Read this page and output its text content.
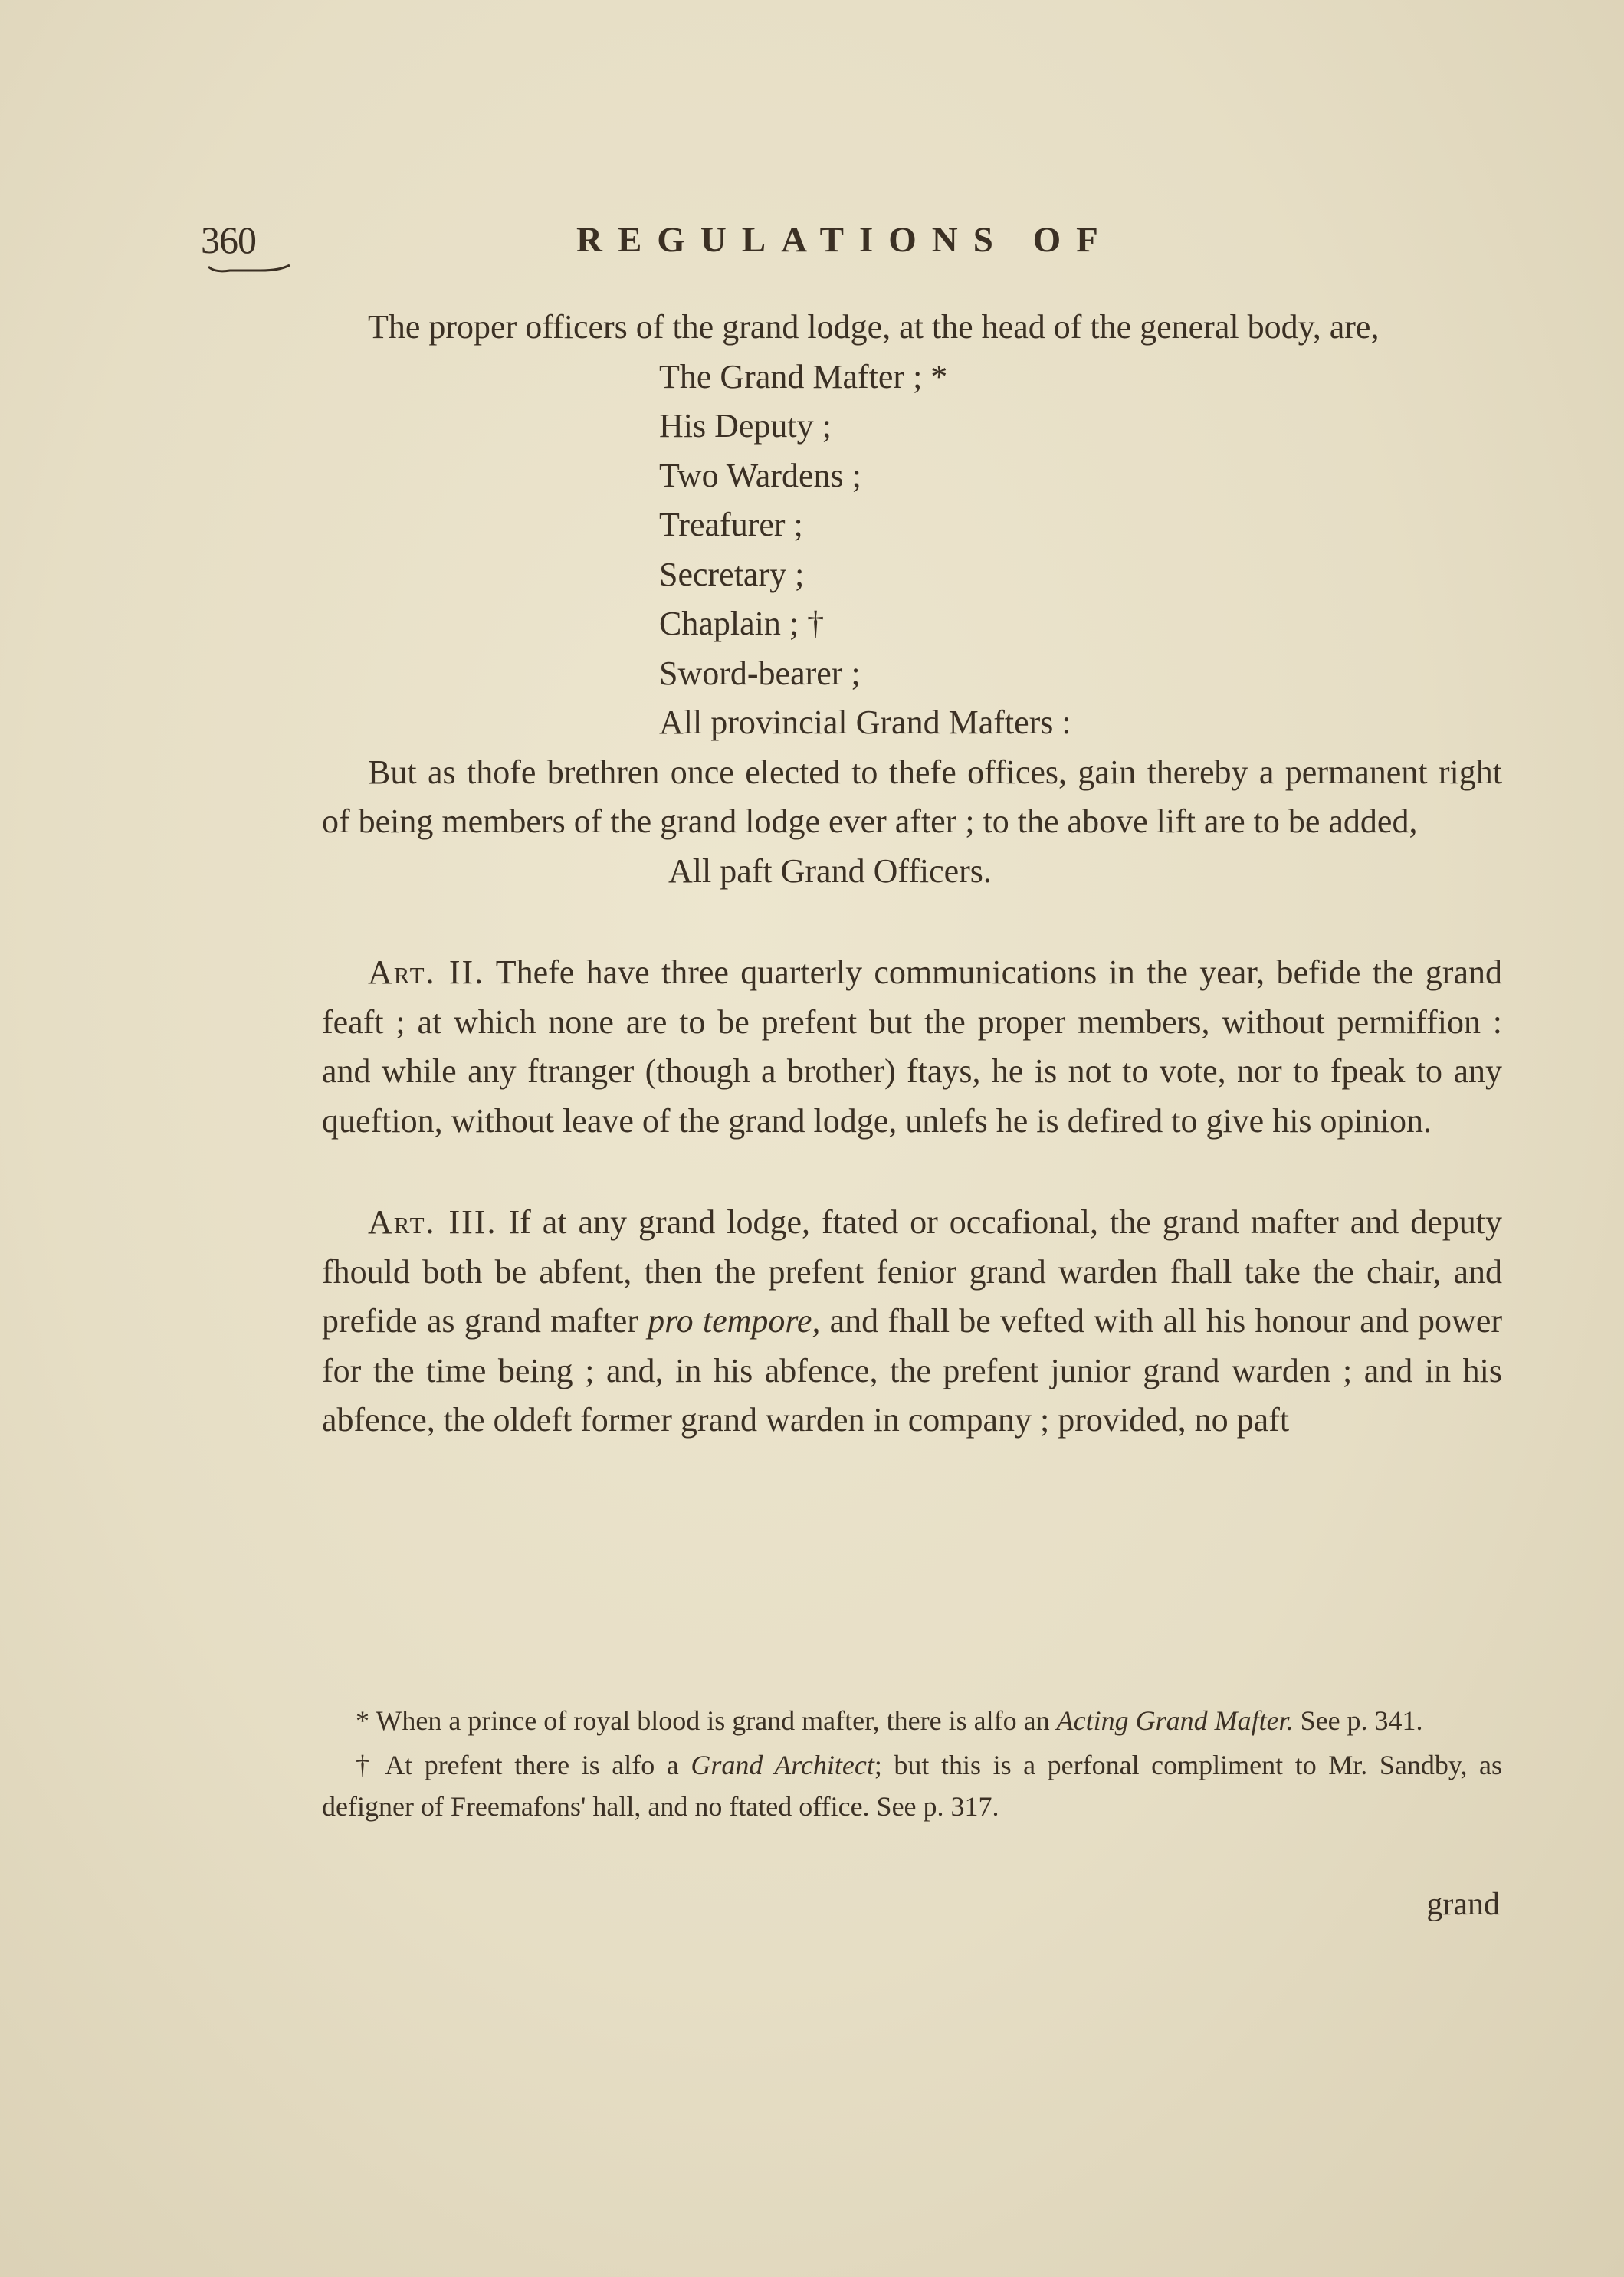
360	REGULATIONS OF

The proper officers of the grand lodge, at the head of the general body, are,

The Grand Mafter ; *
His Deputy ;
Two Wardens ;
Treafurer ;
Secretary ;
Chaplain ; †
Sword-bearer ;
All provincial Grand Mafters :

But as thofe brethren once elected to thefe offices, gain thereby a permanent right of being members of the grand lodge ever after ; to the above lift are to be added,

All paft Grand Officers.

Art. II. Thefe have three quarterly communications in the year, befide the grand feaft ; at which none are to be prefent but the proper members, without permiffion : and while any ftranger (though a brother) ftays, he is not to vote, nor to fpeak to any queftion, without leave of the grand lodge, unlefs he is defired to give his opinion.

Art. III. If at any grand lodge, ftated or occafional, the grand mafter and deputy fhould both be abfent, then the prefent fenior grand warden fhall take the chair, and prefide as grand mafter pro tempore, and fhall be vefted with all his honour and power for the time being ; and, in his abfence, the prefent junior grand warden ; and in his abfence, the oldeft former grand warden in company ; provided, no paft

* When a prince of royal blood is grand mafter, there is alfo an Acting Grand Mafter. See p. 341.

† At prefent there is alfo a Grand Architect; but this is a perfonal compliment to Mr. Sandby, as defigner of Freemafons' hall, and no ftated office. See p. 317.

grand
